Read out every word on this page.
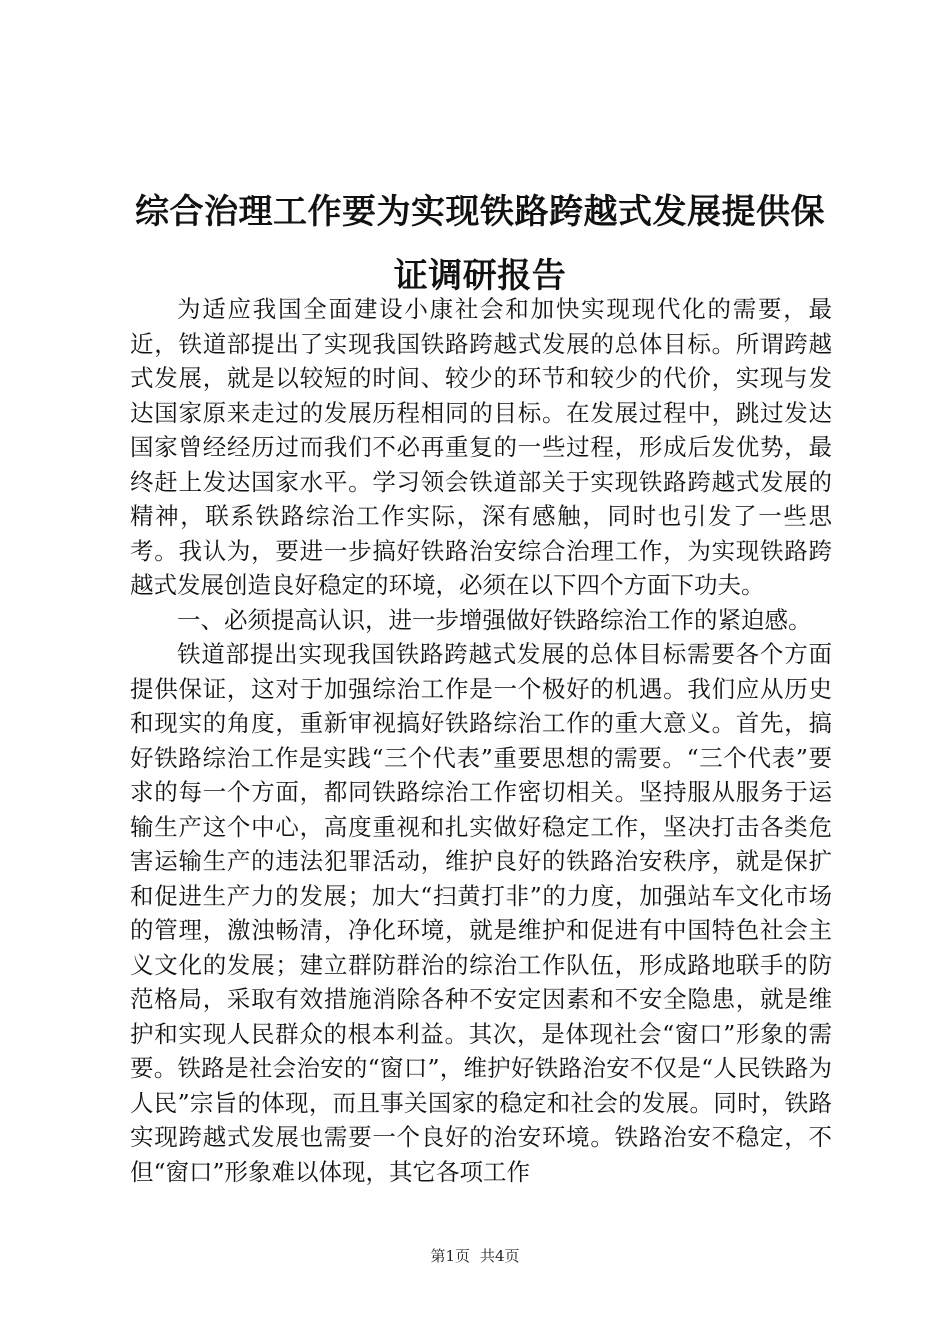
综合治理工作要为实现铁路跨越式发展提供保证调研报告

为适应我国全面建设小康社会和加快实现现代化的需要，最近，铁道部提出了实现我国铁路跨越式发展的总体目标。所谓跨越式发展，就是以较短的时间、较少的环节和较少的代价，实现与发达国家原来走过的发展历程相同的目标。在发展过程中，跳过发达国家曾经经历过而我们不必再重复的一些过程，形成后发优势，最终赶上发达国家水平。学习领会铁道部关于实现铁路跨越式发展的精神，联系铁路综治工作实际，深有感触，同时也引发了一些思考。我认为，要进一步搞好铁路治安综合治理工作，为实现铁路跨越式发展创造良好稳定的环境，必须在以下四个方面下功夫。

一、必须提高认识，进一步增强做好铁路综治工作的紧迫感。

铁道部提出实现我国铁路跨越式发展的总体目标需要各个方面提供保证，这对于加强综治工作是一个极好的机遇。我们应从历史和现实的角度，重新审视搞好铁路综治工作的重大意义。首先，搞好铁路综治工作是实践“三个代表”重要思想的需要。“三个代表”要求的每一个方面，都同铁路综治工作密切相关。坚持服从服务于运输生产这个中心，高度重视和扎实做好稳定工作，坚决打击各类危害运输生产的违法犯罪活动，维护良好的铁路治安秩序，就是保扩和促进生产力的发展；加大“扫黄打非”的力度，加强站车文化市场的管理，激浊畅清，净化环境，就是维护和促进有中国特色社会主义文化的发展；建立群防群治的综治工作队伍，形成路地联手的防范格局，采取有效措施消除各种不安定因素和不安全隐患，就是维护和实现人民群众的根本利益。其次，是体现社会“窗口”形象的需要。铁路是社会治安的“窗口”，维护好铁路治安不仅是“人民铁路为人民”宗旨的体现，而且事关国家的稳定和社会的发展。同时，铁路实现跨越式发展也需要一个良好的治安环境。铁路治安不稳定，不但“窗口”形象难以体现，其它各项工作

第1页 共4页
